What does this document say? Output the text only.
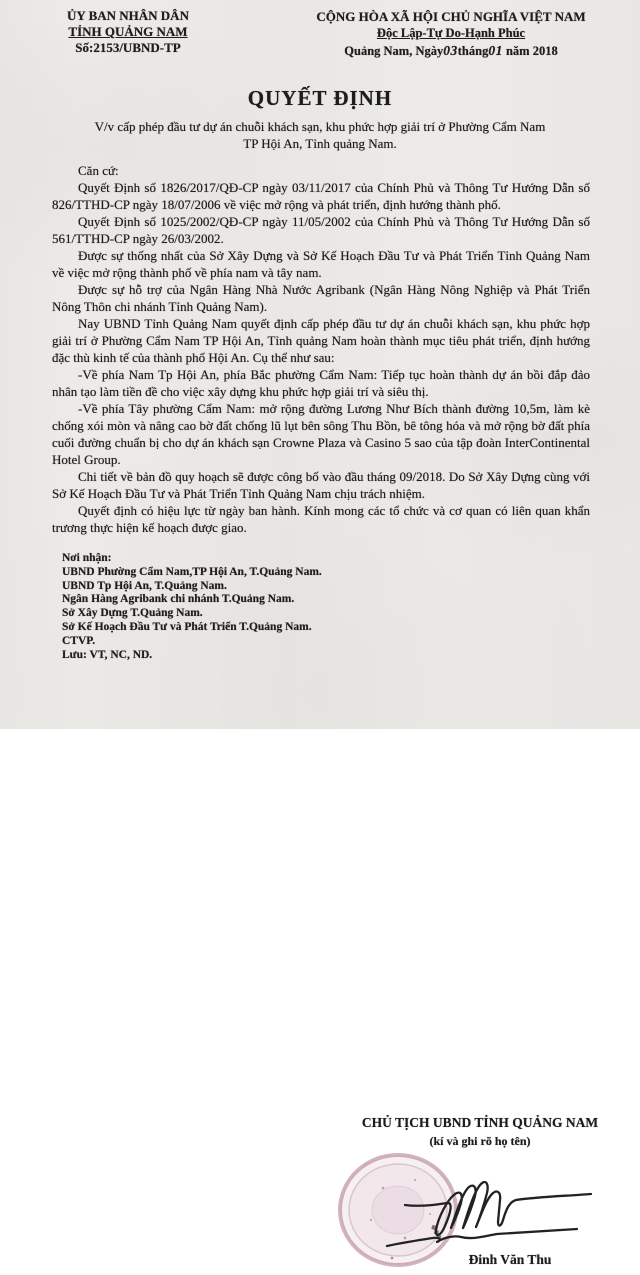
ỦY BAN NHÂN DÂN
TỈNH QUẢNG NAM
Số:2153/UBND-TP
CỘNG HÒA XÃ HỘI CHỦ NGHĨA VIỆT NAM
Độc Lập-Tự Do-Hạnh Phúc
Quảng Nam, Ngày03tháng01 năm 2018
QUYẾT ĐỊNH
V/v cấp phép đầu tư dự án chuỗi khách sạn, khu phức hợp giải trí ở Phường Cẩm Nam
TP Hội An, Tỉnh quảng Nam.

Căn cứ:

Quyết Định số 1826/2017/QĐ-CP ngày 03/11/2017 của Chính Phủ và Thông Tư Hướng Dẫn số 826/TTHD-CP ngày 18/07/2006 về việc mở rộng và phát triển, định hướng thành phố.

Quyết Định số 1025/2002/QĐ-CP ngày 11/05/2002 của Chính Phủ và Thông Tư Hướng Dẫn số 561/TTHD-CP ngày 26/03/2002.

Được sự thống nhất của Sở Xây Dựng và Sở Kế Hoạch Đầu Tư và Phát Triển Tỉnh Quảng Nam về việc mở rộng thành phố về phía nam và tây nam.

Được sự hỗ trợ của Ngân Hàng Nhà Nước Agribank (Ngân Hàng Nông Nghiệp và Phát Triển Nông Thôn chi nhánh Tỉnh Quảng Nam).

Nay UBND Tỉnh Quảng Nam quyết định cấp phép đầu tư dự án chuỗi khách sạn, khu phức hợp giải trí ở Phường Cẩm Nam TP Hội An, Tỉnh quảng Nam hoàn thành mục tiêu phát triển, định hướng đặc thù kinh tế của thành phố Hội An. Cụ thể như sau:

-Về phía Nam Tp Hội An, phía Bắc phường Cẩm Nam: Tiếp tục hoàn thành dự án bồi đắp đảo nhân tạo làm tiền đề cho việc xây dựng khu phức hợp giải trí và siêu thị.

-Về phía Tây phường Cẩm Nam: mở rộng đường Lương Như Bích thành đường 10,5m, làm kè chống xói mòn và nâng cao bờ đất chống lũ lụt bên sông Thu Bồn, bê tông hóa và mở rộng bờ đất phía cuối đường chuẩn bị cho dự án khách sạn Crowne Plaza và Casino 5 sao của tập đoàn InterContinental Hotel Group.

Chi tiết về bản đồ quy hoạch sẽ được công bố vào đầu tháng 09/2018. Do Sở Xây Dựng cùng với Sở Kế Hoạch Đầu Tư và Phát Triển Tỉnh Quảng Nam chịu trách nhiệm.

Quyết định có hiệu lực từ ngày ban hành. Kính mong các tổ chức và cơ quan có liên quan khẩn trương thực hiện kế hoạch được giao.

Nơi nhận:
UBND Phường Cẩm Nam,TP Hội An, T.Quảng Nam.
UBND Tp Hội An, T.Quảng Nam.
Ngân Hàng Agribank chi nhánh T.Quảng Nam.
Sở Xây Dựng T.Quảng Nam.
Sở Kế Hoạch Đầu Tư và Phát Triển T.Quảng Nam.
CTVP.
Lưu: VT, NC, ND.
CHỦ TỊCH UBND TỈNH QUẢNG NAM
(kí và ghi rõ họ tên)
◆◆◆
Đinh Văn Thu
